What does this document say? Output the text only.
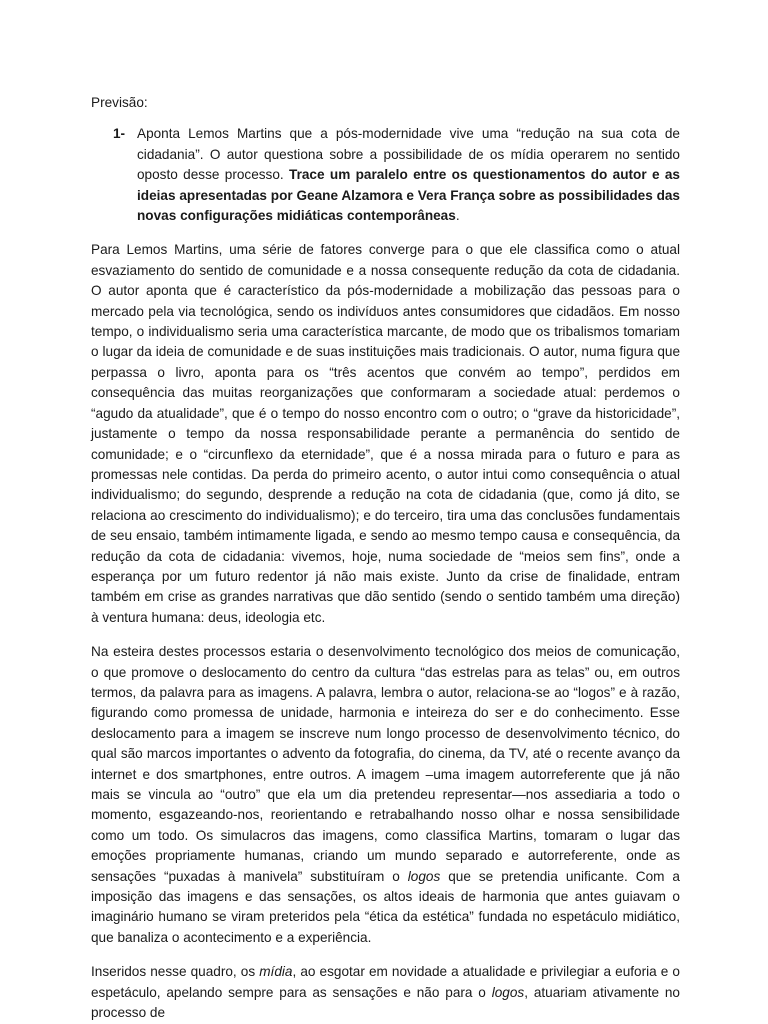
Previsão:

1- Aponta Lemos Martins que a pós-modernidade vive uma “redução na sua cota de cidadania”. O autor questiona sobre a possibilidade de os mídia operarem no sentido oposto desse processo. Trace um paralelo entre os questionamentos do autor e as ideias apresentadas por Geane Alzamora e Vera França sobre as possibilidades das novas configurações midiáticas contemporâneas.

Para Lemos Martins, uma série de fatores converge para o que ele classifica como o atual esvaziamento do sentido de comunidade e a nossa consequente redução da cota de cidadania. O autor aponta que é característico da pós-modernidade a mobilização das pessoas para o mercado pela via tecnológica, sendo os indivíduos antes consumidores que cidadãos. Em nosso tempo, o individualismo seria uma característica marcante, de modo que os tribalismos tomariam o lugar da ideia de comunidade e de suas instituições mais tradicionais. O autor, numa figura que perpassa o livro, aponta para os “três acentos que convém ao tempo”, perdidos em consequência das muitas reorganizações que conformaram a sociedade atual: perdemos o “agudo da atualidade”, que é o tempo do nosso encontro com o outro; o “grave da historicidade”, justamente o tempo da nossa responsabilidade perante a permanência do sentido de comunidade; e o “circunflexo da eternidade”, que é a nossa mirada para o futuro e para as promessas nele contidas. Da perda do primeiro acento, o autor intui como consequência o atual individualismo; do segundo, desprende a redução na cota de cidadania (que, como já dito, se relaciona ao crescimento do individualismo); e do terceiro, tira uma das conclusões fundamentais de seu ensaio, também intimamente ligada, e sendo ao mesmo tempo causa e consequência, da redução da cota de cidadania: vivemos, hoje, numa sociedade de “meios sem fins”, onde a esperança por um futuro redentor já não mais existe. Junto da crise de finalidade, entram também em crise as grandes narrativas que dão sentido (sendo o sentido também uma direção) à ventura humana: deus, ideologia etc.

Na esteira destes processos estaria o desenvolvimento tecnológico dos meios de comunicação, o que promove o deslocamento do centro da cultura “das estrelas para as telas” ou, em outros termos, da palavra para as imagens. A palavra, lembra o autor, relaciona-se ao “logos” e à razão, figurando como promessa de unidade, harmonia e inteireza do ser e do conhecimento. Esse deslocamento para a imagem se inscreve num longo processo de desenvolvimento técnico, do qual são marcos importantes o advento da fotografia, do cinema, da TV, até o recente avanço da internet e dos smartphones, entre outros. A imagem –uma imagem autorreferente que já não mais se vincula ao “outro” que ela um dia pretendeu representar—nos assediaria a todo o momento, esgazeando-nos, reorientando e retrabalhando nosso olhar e nossa sensibilidade como um todo. Os simulacros das imagens, como classifica Martins, tomaram o lugar das emoções propriamente humanas, criando um mundo separado e autorreferente, onde as sensações “puxadas à manivela” substituíram o logos que se pretendia unificante. Com a imposição das imagens e das sensações, os altos ideais de harmonia que antes guiavam o imaginário humano se viram preteridos pela “ética da estética” fundada no espetáculo midiático, que banaliza o acontecimento e a experiência.

Inseridos nesse quadro, os mídia, ao esgotar em novidade a atualidade e privilegiar a euforia e o espetáculo, apelando sempre para as sensações e não para o logos, atuariam ativamente no processo de
